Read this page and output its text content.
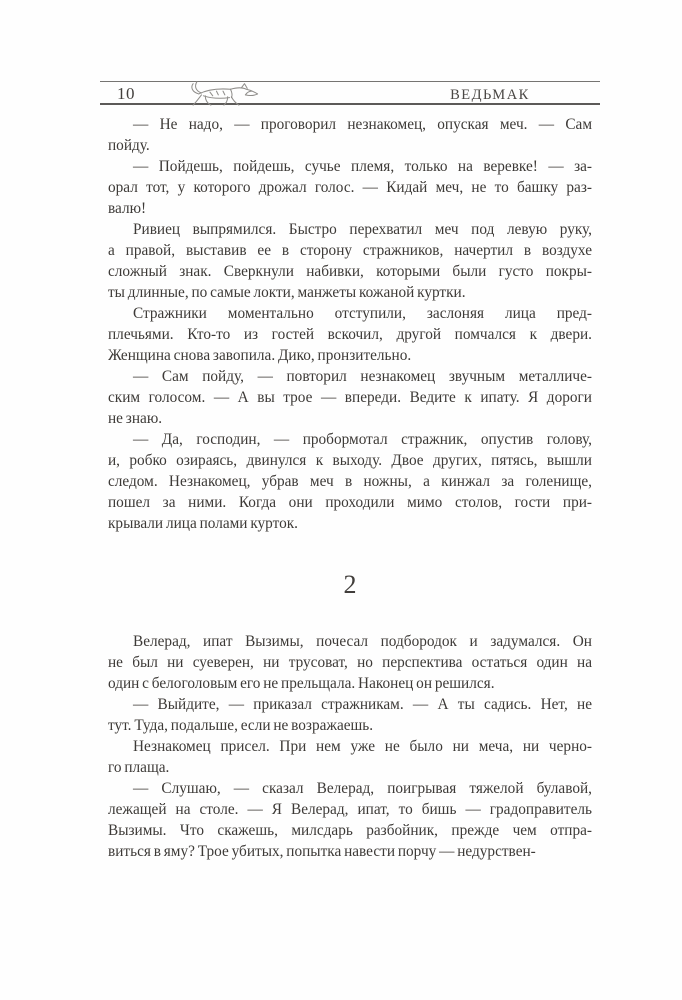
10	ВЕДЬМАК
— Не надо, — проговорил незнакомец, опуская меч. — Сам
пойду.
— Пойдешь, пойдешь, сучье племя, только на веревке! — за-
орал тот, у которого дрожал голос. — Кидай меч, не то башку раз-
валю!
Ривиец выпрямился. Быстро перехватил меч под левую руку,
а правой, выставив ее в сторону стражников, начертил в воздухе
сложный знак. Сверкнули набивки, которыми были густо покры-
ты длинные, по самые локти, манжеты кожаной куртки.
Стражники моментально отступили, заслоняя лица пред-
плечьями. Кто-то из гостей вскочил, другой помчался к двери.
Женщина снова завопила. Дико, пронзительно.
— Сам пойду, — повторил незнакомец звучным металличе-
ским голосом. — А вы трое — впереди. Ведите к ипату. Я дороги
не знаю.
— Да, господин, — пробормотал стражник, опустив голову,
и, робко озираясь, двинулся к выходу. Двое других, пятясь, вышли
следом. Незнакомец, убрав меч в ножны, а кинжал за голенище,
пошел за ними. Когда они проходили мимо столов, гости при-
крывали лица полами курток.
2
Велерад, ипат Вызимы, почесал подбородок и задумался. Он
не был ни суеверен, ни трусоват, но перспектива остаться один на
один с белоголовым его не прельщала. Наконец он решился.
— Выйдите, — приказал стражникам. — А ты садись. Нет, не
тут. Туда, подальше, если не возражаешь.
Незнакомец присел. При нем уже не было ни меча, ни черно-
го плаща.
— Слушаю, — сказал Велерад, поигрывая тяжелой булавой,
лежащей на столе. — Я Велерад, ипат, то бишь — градоправитель
Вызимы. Что скажешь, милсдарь разбойник, прежде чем отпра-
виться в яму? Трое убитых, попытка навести порчу — недурствен-
